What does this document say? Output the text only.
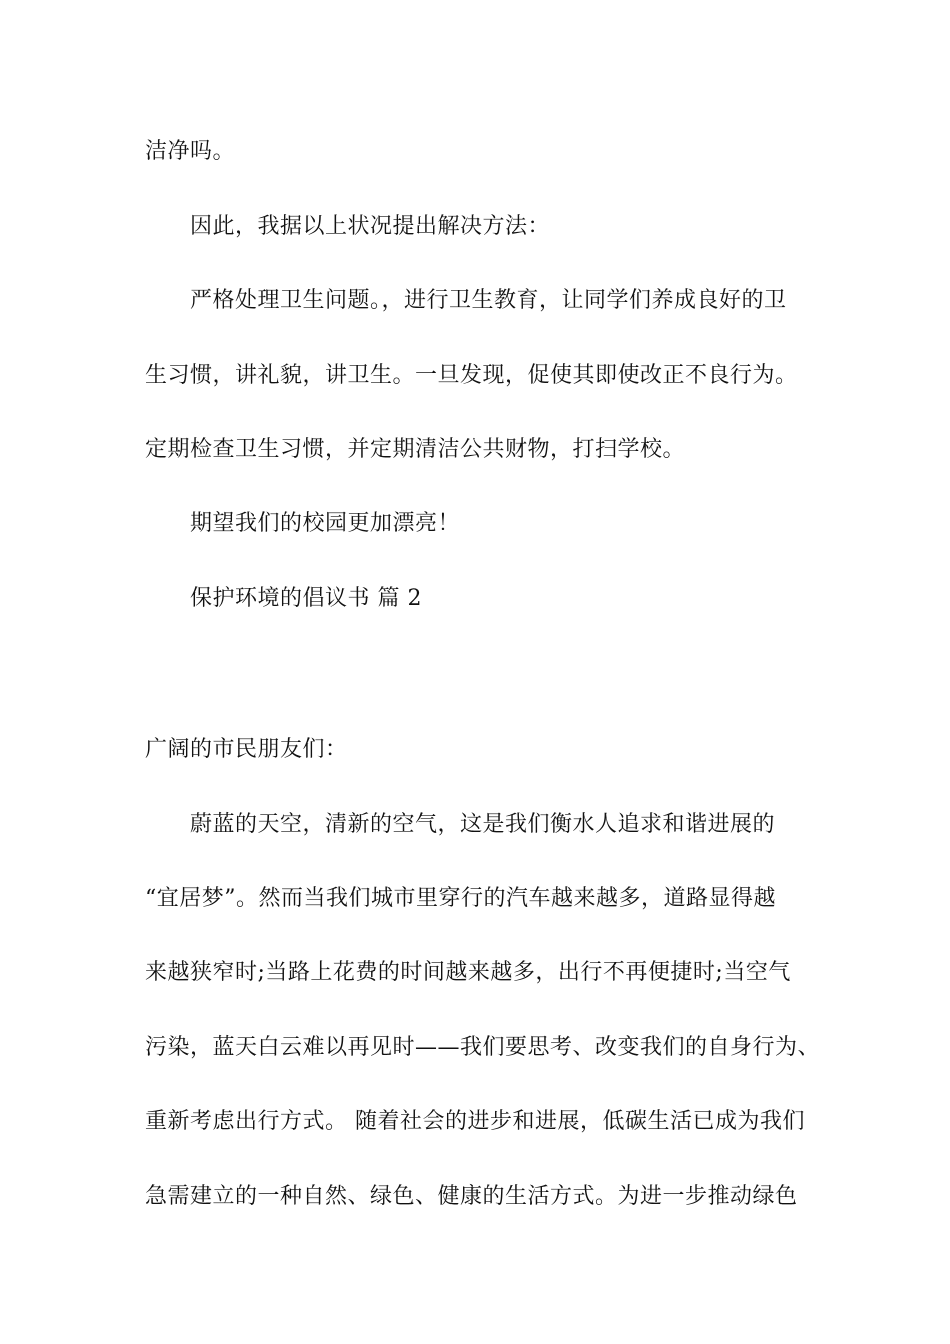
洁净吗。
因此，我据以上状况提出解决方法：
严格处理卫生问题。，进行卫生教育，让同学们养成良好的卫
生习惯，讲礼貌，讲卫生。一旦发现，促使其即使改正不良行为。
定期检查卫生习惯，并定期清洁公共财物，打扫学校。
期望我们的校园更加漂亮！
保护环境的倡议书 篇 2
广阔的市民朋友们：
蔚蓝的天空，清新的空气，这是我们衡水人追求和谐进展的
“宜居梦”。然而当我们城市里穿行的汽车越来越多，道路显得越
来越狭窄时;当路上花费的时间越来越多，出行不再便捷时;当空气
污染，蓝天白云难以再见时——我们要思考、改变我们的自身行为、
重新考虑出行方式。 随着社会的进步和进展，低碳生活已成为我们
急需建立的一种自然、绿色、健康的生活方式。为进一步推动绿色
